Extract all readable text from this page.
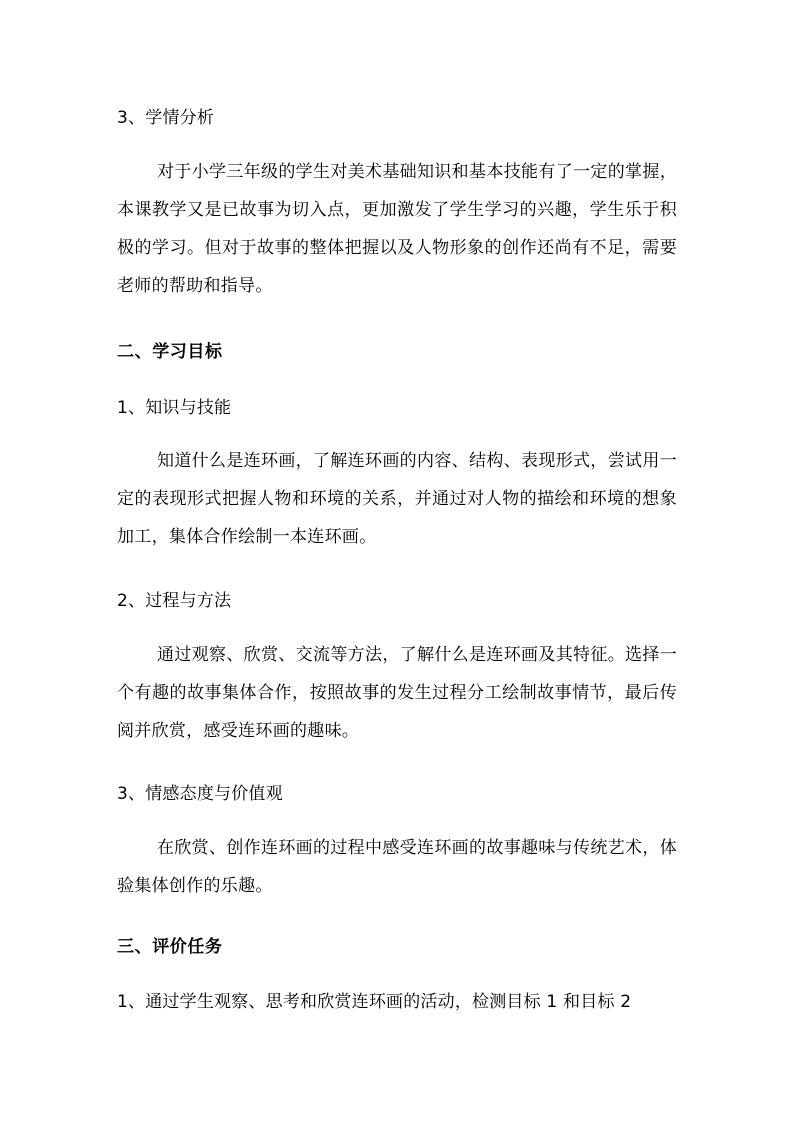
3、学情分析

对于小学三年级的学生对美术基础知识和基本技能有了一定的掌握，本课教学又是已故事为切入点，更加激发了学生学习的兴趣，学生乐于积极的学习。但对于故事的整体把握以及人物形象的创作还尚有不足，需要老师的帮助和指导。

二、学习目标
1、知识与技能

知道什么是连环画，了解连环画的内容、结构、表现形式，尝试用一定的表现形式把握人物和环境的关系，并通过对人物的描绘和环境的想象加工，集体合作绘制一本连环画。

2、过程与方法

通过观察、欣赏、交流等方法，了解什么是连环画及其特征。选择一个有趣的故事集体合作，按照故事的发生过程分工绘制故事情节，最后传阅并欣赏，感受连环画的趣味。

3、情感态度与价值观

在欣赏、创作连环画的过程中感受连环画的故事趣味与传统艺术，体验集体创作的乐趣。

三、评价任务
1、通过学生观察、思考和欣赏连环画的活动，检测目标 1 和目标 2
